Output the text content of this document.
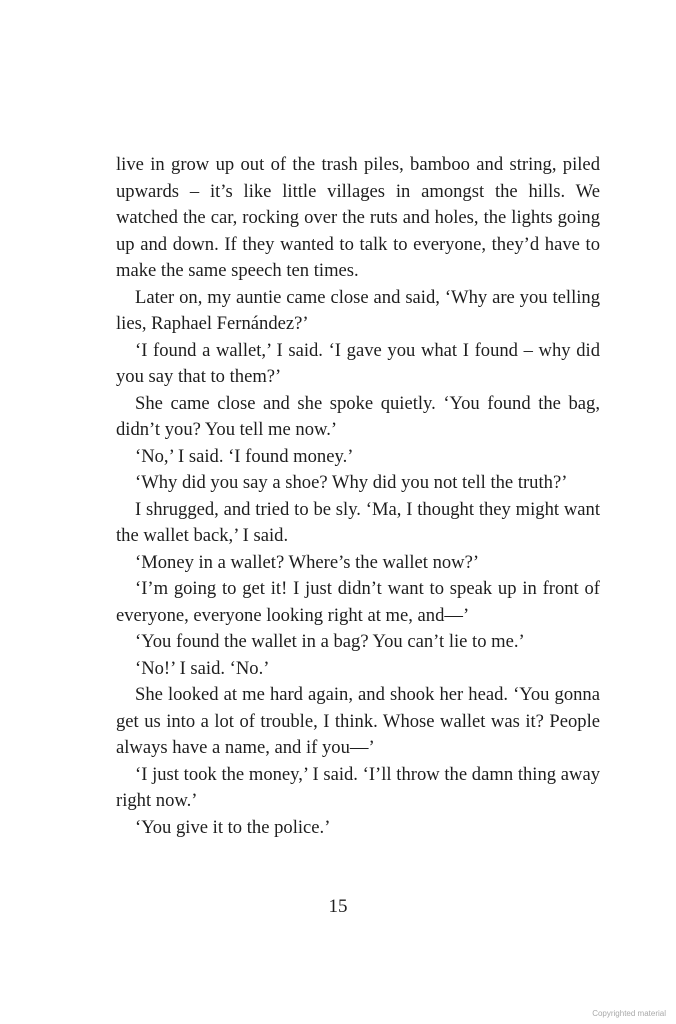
live in grow up out of the trash piles, bamboo and string, piled upwards – it’s like little villages in amongst the hills. We watched the car, rocking over the ruts and holes, the lights going up and down. If they wanted to talk to everyone, they’d have to make the same speech ten times.

Later on, my auntie came close and said, ‘Why are you telling lies, Raphael Fernández?’

‘I found a wallet,’ I said. ‘I gave you what I found – why did you say that to them?’

She came close and she spoke quietly. ‘You found the bag, didn’t you? You tell me now.’

‘No,’ I said. ‘I found money.’

‘Why did you say a shoe? Why did you not tell the truth?’

I shrugged, and tried to be sly. ‘Ma, I thought they might want the wallet back,’ I said.

‘Money in a wallet? Where’s the wallet now?’

‘I’m going to get it! I just didn’t want to speak up in front of everyone, everyone looking right at me, and—’

‘You found the wallet in a bag? You can’t lie to me.’

‘No!’ I said. ‘No.’

She looked at me hard again, and shook her head. ‘You gonna get us into a lot of trouble, I think. Whose wallet was it? People always have a name, and if you—’

‘I just took the money,’ I said. ‘I’ll throw the damn thing away right now.’

‘You give it to the police.’

15
Copyrighted material
